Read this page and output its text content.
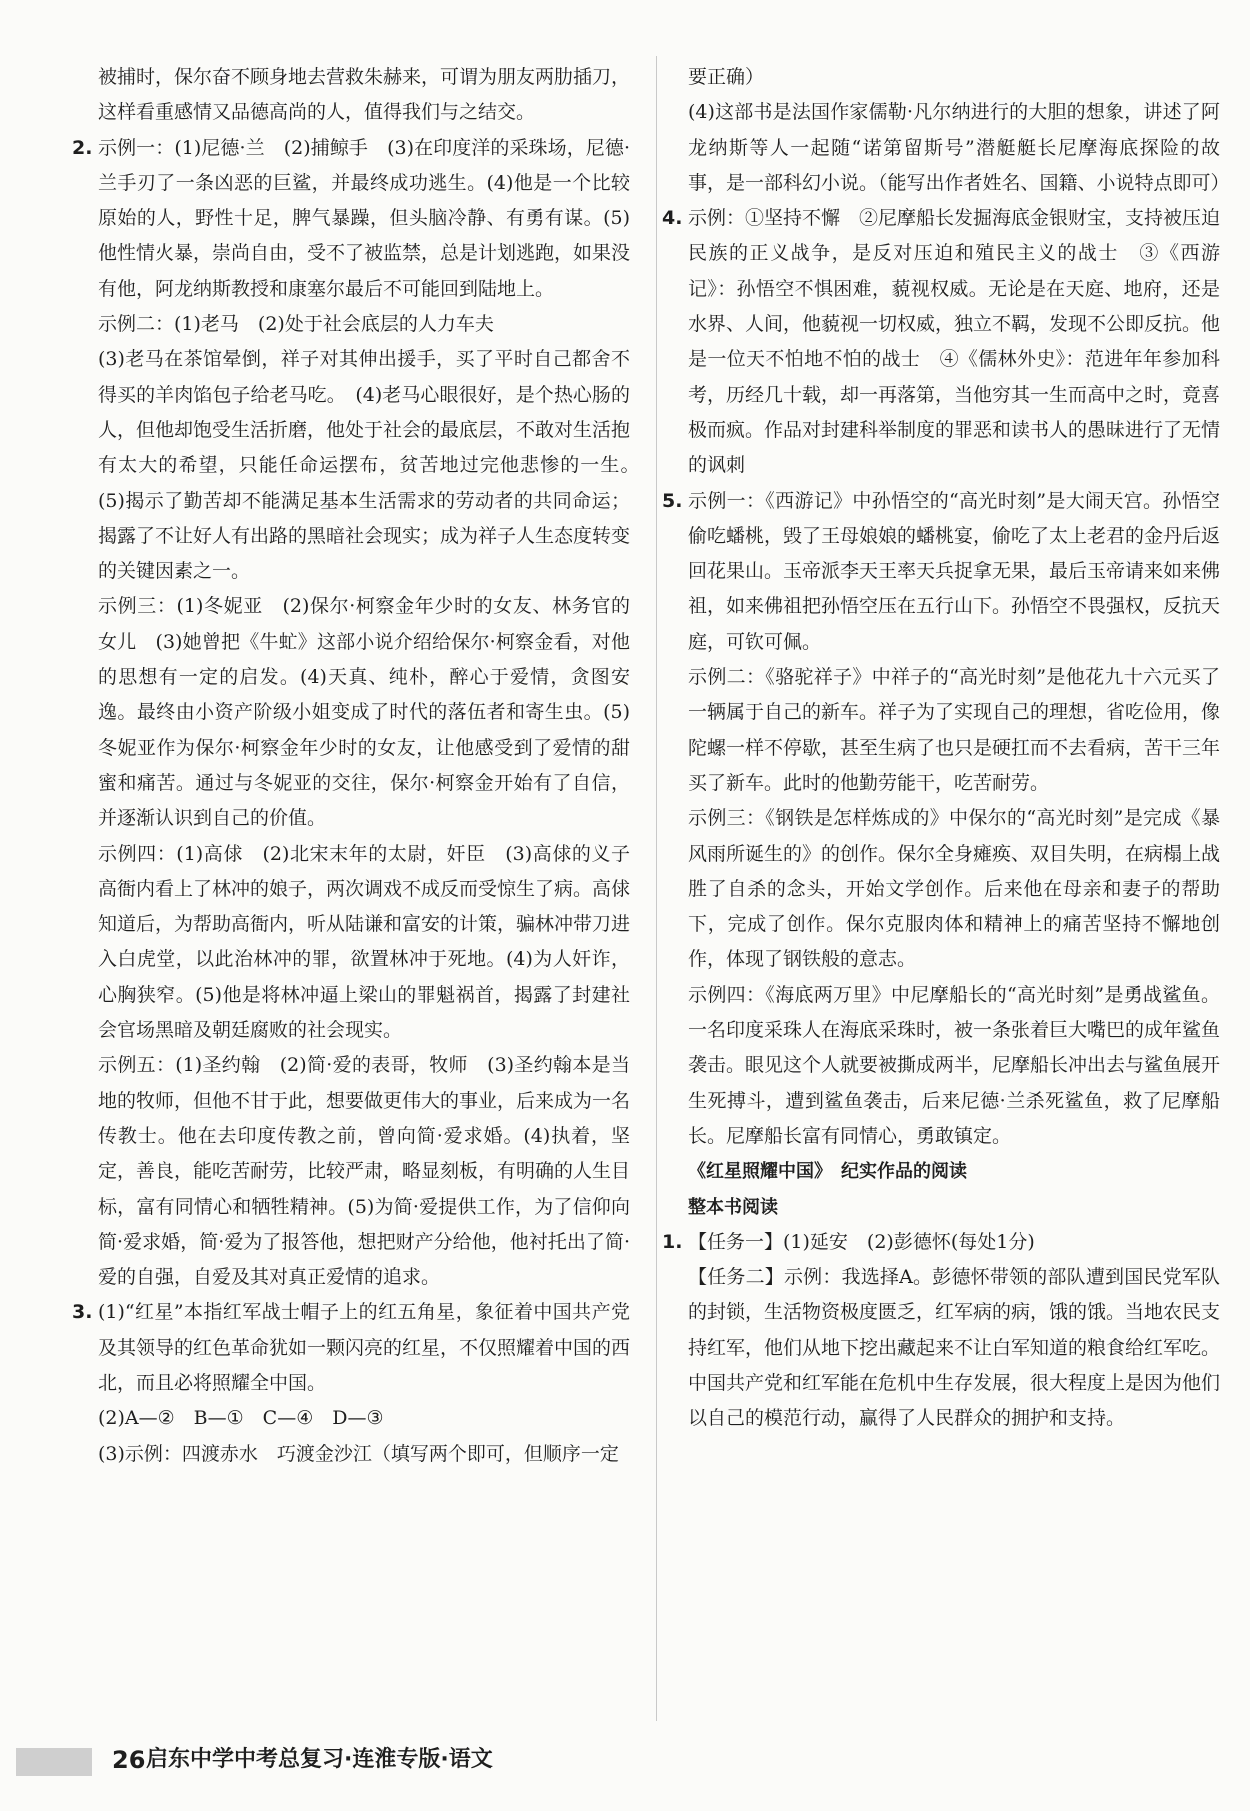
被捕时，保尔奋不顾身地去营救朱赫来，可谓为朋友两肋插刀，这样看重感情又品德高尚的人，值得我们与之结交。

2. 示例一：(1)尼德·兰　(2)捕鲸手　(3)在印度洋的采珠场，尼德·兰手刃了一条凶恶的巨鲨，并最终成功逃生。(4)他是一个比较原始的人，野性十足，脾气暴躁，但头脑冷静、有勇有谋。(5)他性情火暴，崇尚自由，受不了被监禁，总是计划逃跑，如果没有他，阿龙纳斯教授和康塞尔最后不可能回到陆地上。

示例二：(1)老马　(2)处于社会底层的人力车夫

(3)老马在茶馆晕倒，祥子对其伸出援手，买了平时自己都舍不得买的羊肉馅包子给老马吃。　(4)老马心眼很好，是个热心肠的人，但他却饱受生活折磨，他处于社会的最底层，不敢对生活抱有太大的希望，只能任命运摆布，贫苦地过完他悲惨的一生。　(5)揭示了勤苦却不能满足基本生活需求的劳动者的共同命运；揭露了不让好人有出路的黑暗社会现实；成为祥子人生态度转变的关键因素之一。

示例三：(1)冬妮亚　(2)保尔·柯察金年少时的女友、林务官的女儿　(3)她曾把《牛虻》这部小说介绍给保尔·柯察金看，对他的思想有一定的启发。(4)天真、纯朴，醉心于爱情，贪图安逸。最终由小资产阶级小姐变成了时代的落伍者和寄生虫。(5)冬妮亚作为保尔·柯察金年少时的女友，让他感受到了爱情的甜蜜和痛苦。通过与冬妮亚的交往，保尔·柯察金开始有了自信，并逐渐认识到自己的价值。

示例四：(1)高俅　(2)北宋末年的太尉，奸臣　(3)高俅的义子高衙内看上了林冲的娘子，两次调戏不成反而受惊生了病。高俅知道后，为帮助高衙内，听从陆谦和富安的计策，骗林冲带刀进入白虎堂，以此治林冲的罪，欲置林冲于死地。(4)为人奸诈，心胸狭窄。(5)他是将林冲逼上梁山的罪魁祸首，揭露了封建社会官场黑暗及朝廷腐败的社会现实。

示例五：(1)圣约翰　(2)简·爱的表哥，牧师　(3)圣约翰本是当地的牧师，但他不甘于此，想要做更伟大的事业，后来成为一名传教士。他在去印度传教之前，曾向简·爱求婚。(4)执着，坚定，善良，能吃苦耐劳，比较严肃，略显刻板，有明确的人生目标，富有同情心和牺牲精神。(5)为简·爱提供工作，为了信仰向简·爱求婚，简·爱为了报答他，想把财产分给他，他衬托出了简·爱的自强，自爱及其对真正爱情的追求。

3. (1)“红星”本指红军战士帽子上的红五角星，象征着中国共产党及其领导的红色革命犹如一颗闪亮的红星，不仅照耀着中国的西北，而且必将照耀全中国。

(2)A—②　B—①　C—④　D—③

(3)示例：四渡赤水　巧渡金沙江（填写两个即可，但顺序一定

要正确）

(4)这部书是法国作家儒勒·凡尔纳进行的大胆的想象，讲述了阿龙纳斯等人一起随“诺第留斯号”潜艇艇长尼摩海底探险的故事，是一部科幻小说。（能写出作者姓名、国籍、小说特点即可）

4. 示例：①坚持不懈　②尼摩船长发掘海底金银财宝，支持被压迫民族的正义战争，是反对压迫和殖民主义的战士　③《西游记》：孙悟空不惧困难，藐视权威。无论是在天庭、地府，还是水界、人间，他藐视一切权威，独立不羁，发现不公即反抗。他是一位天不怕地不怕的战士　④《儒林外史》：范进年年参加科考，历经几十载，却一再落第，当他穷其一生而高中之时，竟喜极而疯。作品对封建科举制度的罪恶和读书人的愚昧进行了无情的讽刺

5. 示例一：《西游记》中孙悟空的“高光时刻”是大闹天宫。孙悟空偷吃蟠桃，毁了王母娘娘的蟠桃宴，偷吃了太上老君的金丹后返回花果山。玉帝派李天王率天兵捉拿无果，最后玉帝请来如来佛祖，如来佛祖把孙悟空压在五行山下。孙悟空不畏强权，反抗天庭，可钦可佩。

示例二：《骆驼祥子》中祥子的“高光时刻”是他花九十六元买了一辆属于自己的新车。祥子为了实现自己的理想，省吃俭用，像陀螺一样不停歇，甚至生病了也只是硬扛而不去看病，苦干三年买了新车。此时的他勤劳能干，吃苦耐劳。

示例三：《钢铁是怎样炼成的》中保尔的“高光时刻”是完成《暴风雨所诞生的》的创作。保尔全身瘫痪、双目失明，在病榻上战胜了自杀的念头，开始文学创作。后来他在母亲和妻子的帮助下，完成了创作。保尔克服肉体和精神上的痛苦坚持不懈地创作，体现了钢铁般的意志。

示例四：《海底两万里》中尼摩船长的“高光时刻”是勇战鲨鱼。一名印度采珠人在海底采珠时，被一条张着巨大嘴巴的成年鲨鱼袭击。眼见这个人就要被撕成两半，尼摩船长冲出去与鲨鱼展开生死搏斗，遭到鲨鱼袭击，后来尼德·兰杀死鲨鱼，救了尼摩船长。尼摩船长富有同情心，勇敢镇定。

《红星照耀中国》　纪实作品的阅读

整本书阅读

1. 【任务一】(1)延安　(2)彭德怀(每处1分)

【任务二】示例：我选择A。彭德怀带领的部队遭到国民党军队的封锁，生活物资极度匮乏，红军病的病，饿的饿。当地农民支持红军，他们从地下挖出藏起来不让白军知道的粮食给红军吃。中国共产党和红军能在危机中生存发展，很大程度上是因为他们以自己的模范行动，赢得了人民群众的拥护和支持。

26 启东中学中考总复习·连淮专版·语文
